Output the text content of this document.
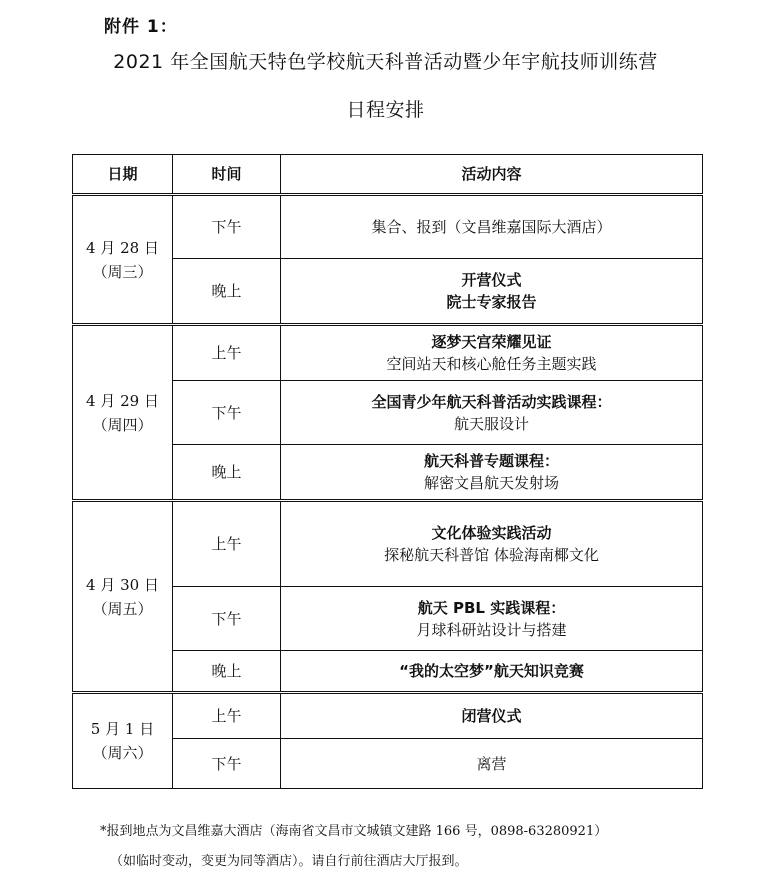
附件 1：
2021 年全国航天特色学校航天科普活动暨少年宇航技师训练营
日程安排
日期	时间	活动内容

4 月 28 日
（周三）	下午	集合、报到（文昌维嘉国际大酒店）

	晚上	开营仪式
院士专家报告

4 月 29 日
（周四）	上午	逐梦天宫荣耀见证
空间站天和核心舱任务主题实践

	下午	全国青少年航天科普活动实践课程：
航天服设计

	晚上	航天科普专题课程：
解密文昌航天发射场

4 月 30 日
（周五）	上午	文化体验实践活动
探秘航天科普馆 体验海南椰文化

	下午	航天 PBL 实践课程：
月球科研站设计与搭建

	晚上	“我的太空梦”航天知识竞赛

5 月 1 日
（周六）	上午	闭营仪式

	下午	离营
*报到地点为文昌维嘉大酒店（海南省文昌市文城镇文建路 166 号，0898-63280921）
（如临时变动，变更为同等酒店）。请自行前往酒店大厅报到。
